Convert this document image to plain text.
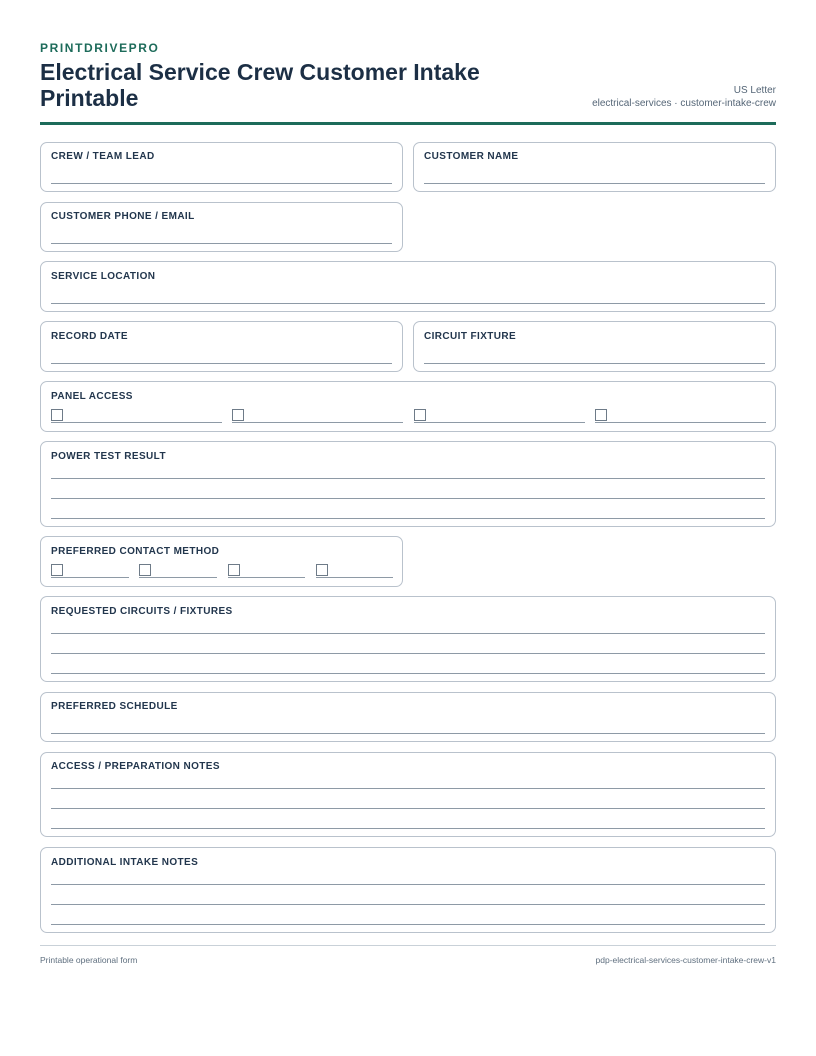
PRINTDRIVEPRO
Electrical Service Crew Customer Intake Printable	US Letter
electrical-services · customer-intake-crew
CREW / TEAM LEAD	CUSTOMER NAME
CUSTOMER PHONE / EMAIL
SERVICE LOCATION
RECORD DATE	CIRCUIT FIXTURE
PANEL ACCESS
POWER TEST RESULT
PREFERRED CONTACT METHOD
REQUESTED CIRCUITS / FIXTURES
PREFERRED SCHEDULE
ACCESS / PREPARATION NOTES
ADDITIONAL INTAKE NOTES
Printable operational form	pdp-electrical-services-customer-intake-crew-v1
